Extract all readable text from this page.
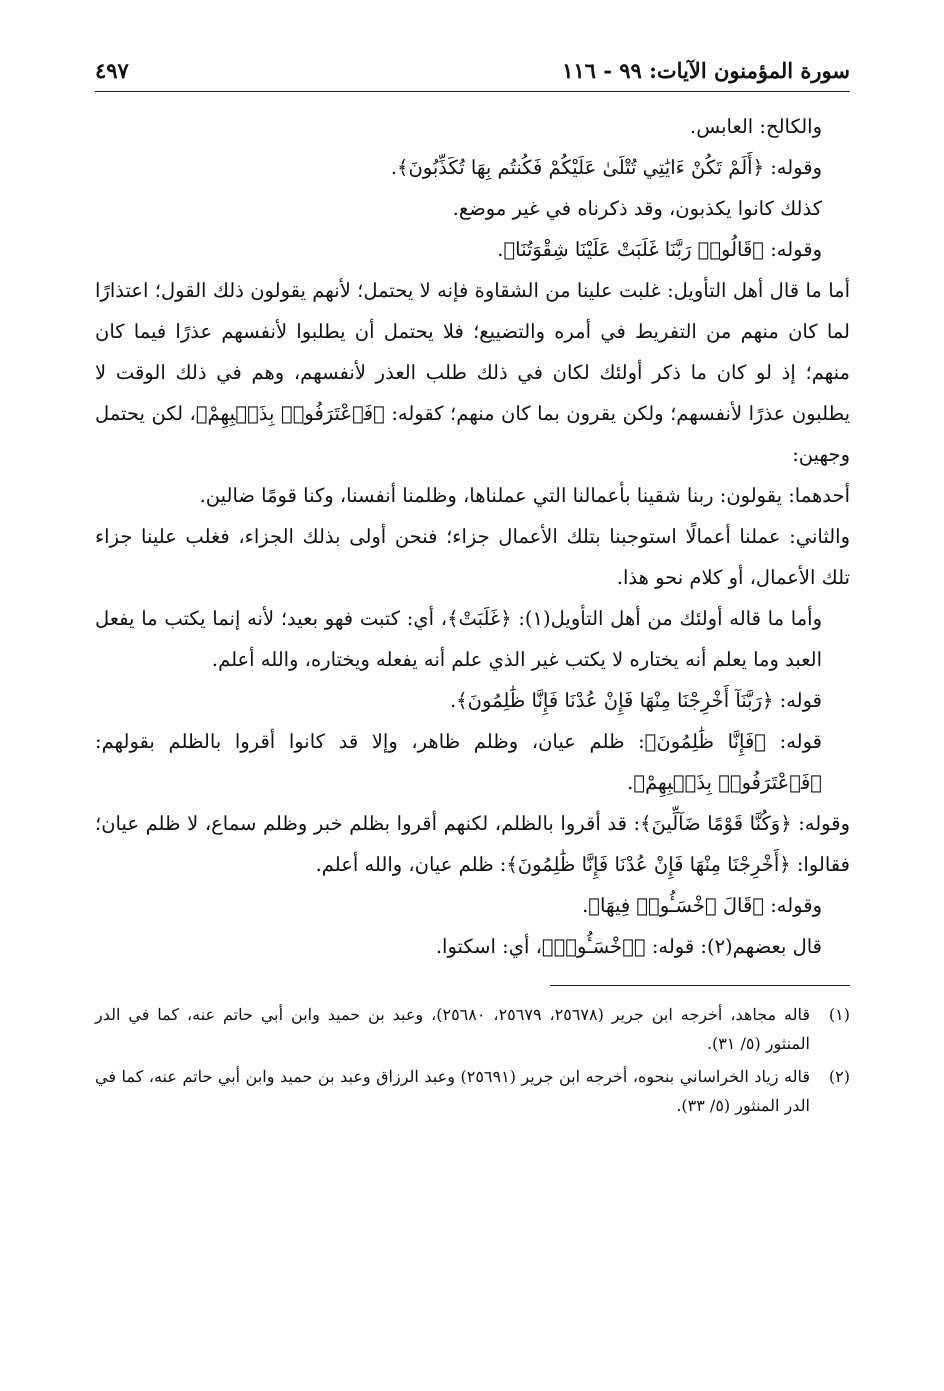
سورة المؤمنون الآيات: ٩٩ - ١١٦
٤٩٧

والكالح: العابس.

وقوله: ﴿أَلَمْ تَكُنْ ءَايَٰتِي تُتْلَىٰ عَلَيْكُمْ فَكُنتُم بِهَا تُكَذِّبُونَ﴾.

كذلك كانوا يكذبون، وقد ذكرناه في غير موضع.

وقوله: ﴿قَالُوا۟ رَبَّنَا غَلَبَتْ عَلَيْنَا شِقْوَتُنَا﴾.

أما ما قال أهل التأويل: غلبت علينا من الشقاوة فإنه لا يحتمل؛ لأنهم يقولون ذلك القول؛ اعتذارًا لما كان منهم من التفريط في أمره والتضييع؛ فلا يحتمل أن يطلبوا لأنفسهم عذرًا فيما كان منهم؛ إذ لو كان ما ذكر أولئك لكان في ذلك طلب العذر لأنفسهم، وهم في ذلك الوقت لا يطلبون عذرًا لأنفسهم؛ ولكن يقرون بما كان منهم؛ كقوله: ﴿فَٱعْتَرَفُوا۟ بِذَنۢبِهِمْ﴾، لكن يحتمل وجهين:

أحدهما: يقولون: ربنا شقينا بأعمالنا التي عملناها، وظلمنا أنفسنا، وكنا قومًا ضالين.

والثاني: عملنا أعمالًا استوجبنا بتلك الأعمال جزاء؛ فنحن أولى بذلك الجزاء، فغلب علينا جزاء تلك الأعمال، أو كلام نحو هذا.

وأما ما قاله أولئك من أهل التأويل(١): ﴿غَلَبَتْ﴾، أي: كتبت فهو بعيد؛ لأنه إنما يكتب ما يفعل العبد وما يعلم أنه يختاره لا يكتب غير الذي علم أنه يفعله ويختاره، والله أعلم.

قوله: ﴿رَبَّنَآ أَخْرِجْنَا مِنْهَا فَإِنْ عُدْنَا فَإِنَّا ظَٰلِمُونَ﴾.

قوله: ﴿فَإِنَّا ظَٰلِمُونَ﴾: ظلم عيان، وظلم ظاهر، وإلا قد كانوا أقروا بالظلم بقولهم: ﴿فَٱعْتَرَفُوا۟ بِذَنۢبِهِمْ﴾.

وقوله: ﴿وَكُنَّا قَوْمًا ضَآلِّينَ﴾: قد أقروا بالظلم، لكنهم أقروا بظلم خبر وظلم سماع، لا ظلم عيان؛ فقالوا: ﴿أَخْرِجْنَا مِنْهَا فَإِنْ عُدْنَا فَإِنَّا ظَٰلِمُونَ﴾: ظلم عيان، والله أعلم.

وقوله: ﴿قَالَ ٱخْسَـُٔوا۟ فِيهَا﴾.

قال بعضهم(٢): قوله: ﴿ٱخْسَـُٔوا۟﴾، أي: اسكتوا.

(١)
قاله مجاهد، أخرجه ابن جرير (٢٥٦٧٨، ٢٥٦٧٩، ٢٥٦٨٠)، وعبد بن حميد وابن أبي حاتم عنه، كما في الدر المنثور (٥/ ٣١).
(٢)
قاله زياد الخراساني بنحوه، أخرجه ابن جرير (٢٥٦٩١) وعبد الرزاق وعبد بن حميد وابن أبي حاتم عنه، كما في الدر المنثور (٥/ ٣٣).
